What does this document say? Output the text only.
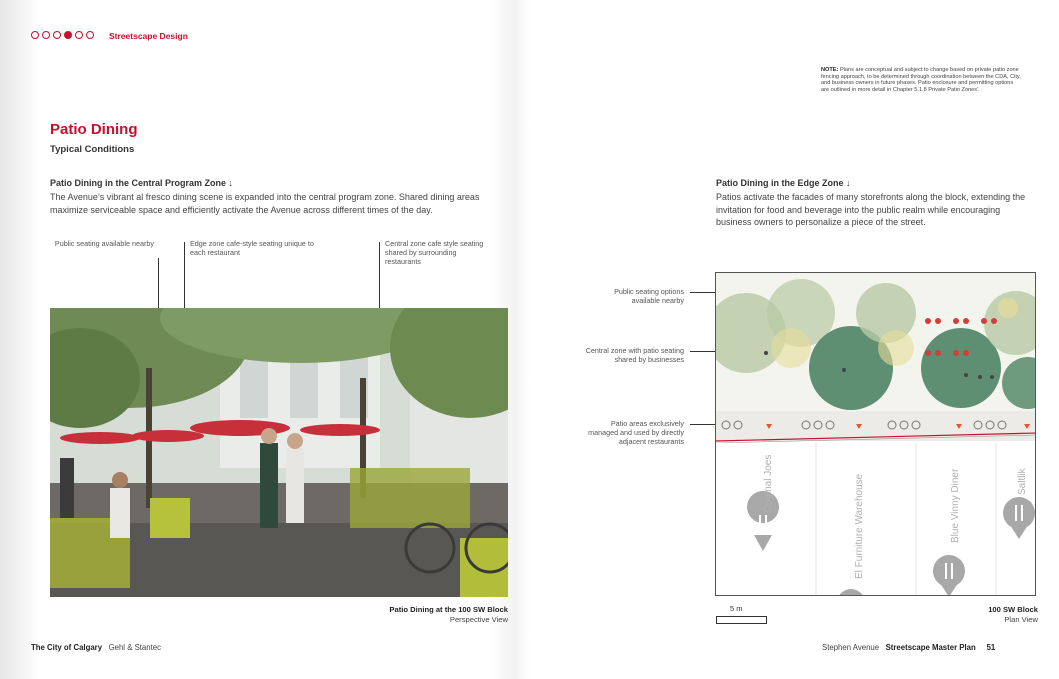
Streetscape Design
NOTE: Plans are conceptual and subject to change based on private patio zone fencing approach, to be determined through coordination between the CDA, City, and business owners in future phases. Patio enclosure and permitting options are outlined in more detail in Chapter 5.1.8 Private Patio Zones'.
Patio Dining
Typical Conditions
Patio Dining in the Central Program Zone ↓
The Avenue’s vibrant al fresco dining scene is expanded into the central program zone. Shared dining areas maximize serviceable space and efficiently activate the Avenue across different times of the day.
Public seating available nearby	Edge zone cafe-style seating unique to each restaurant
Central zone cafe style seating shared by surrounding restaurants
Patio Dining at the 100 SW Block
Perspective View
Patio Dining in the Edge Zone ↓
Patios activate the facades of many storefronts along the block, extending the invitation for food and beverage into the public realm while encouraging business owners to personalize a piece of the street.
Public seating options available nearby
Central zone with patio seating shared by businesses
Patio areas exclusively managed and used by directly adjacent restaurants
Original Joes	El Furniture Warehouse	Blue Vinny Diner	Saltlik
5 m	100 SW Block
Plan View
The City of Calgary Gehl & Stantec	Stephen Avenue Streetscape Master Plan 51
